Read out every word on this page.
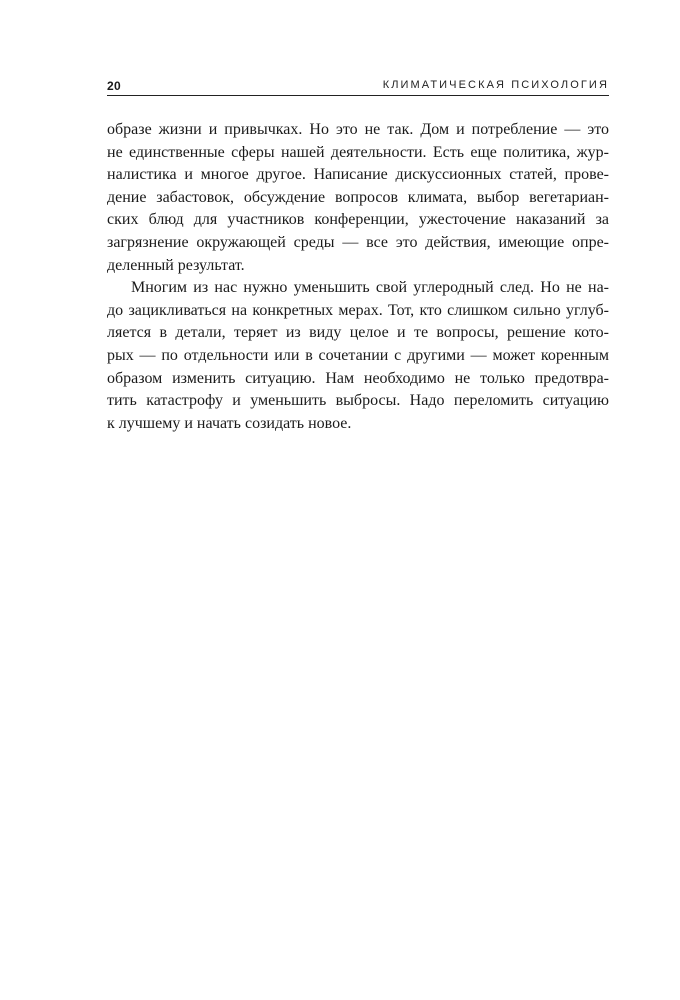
20	КЛИМАТИЧЕСКАЯ ПСИХОЛОГИЯ
образе жизни и привычках. Но это не так. Дом и потребление — это
не единственные сферы нашей деятельности. Есть еще политика, жур-
налистика и многое другое. Написание дискуссионных статей, прове-
дение забастовок, обсуждение вопросов климата, выбор вегетариан-
ских блюд для участников конференции, ужесточение наказаний за
загрязнение окружающей среды — все это действия, имеющие опре-
деленный результат.
Многим из нас нужно уменьшить свой углеродный след. Но не на-
до зацикливаться на конкретных мерах. Тот, кто слишком сильно углуб-
ляется в детали, теряет из виду целое и те вопросы, решение кото-
рых — по отдельности или в сочетании с другими — может коренным
образом изменить ситуацию. Нам необходимо не только предотвра-
тить катастрофу и уменьшить выбросы. Надо переломить ситуацию
к лучшему и начать созидать новое.
